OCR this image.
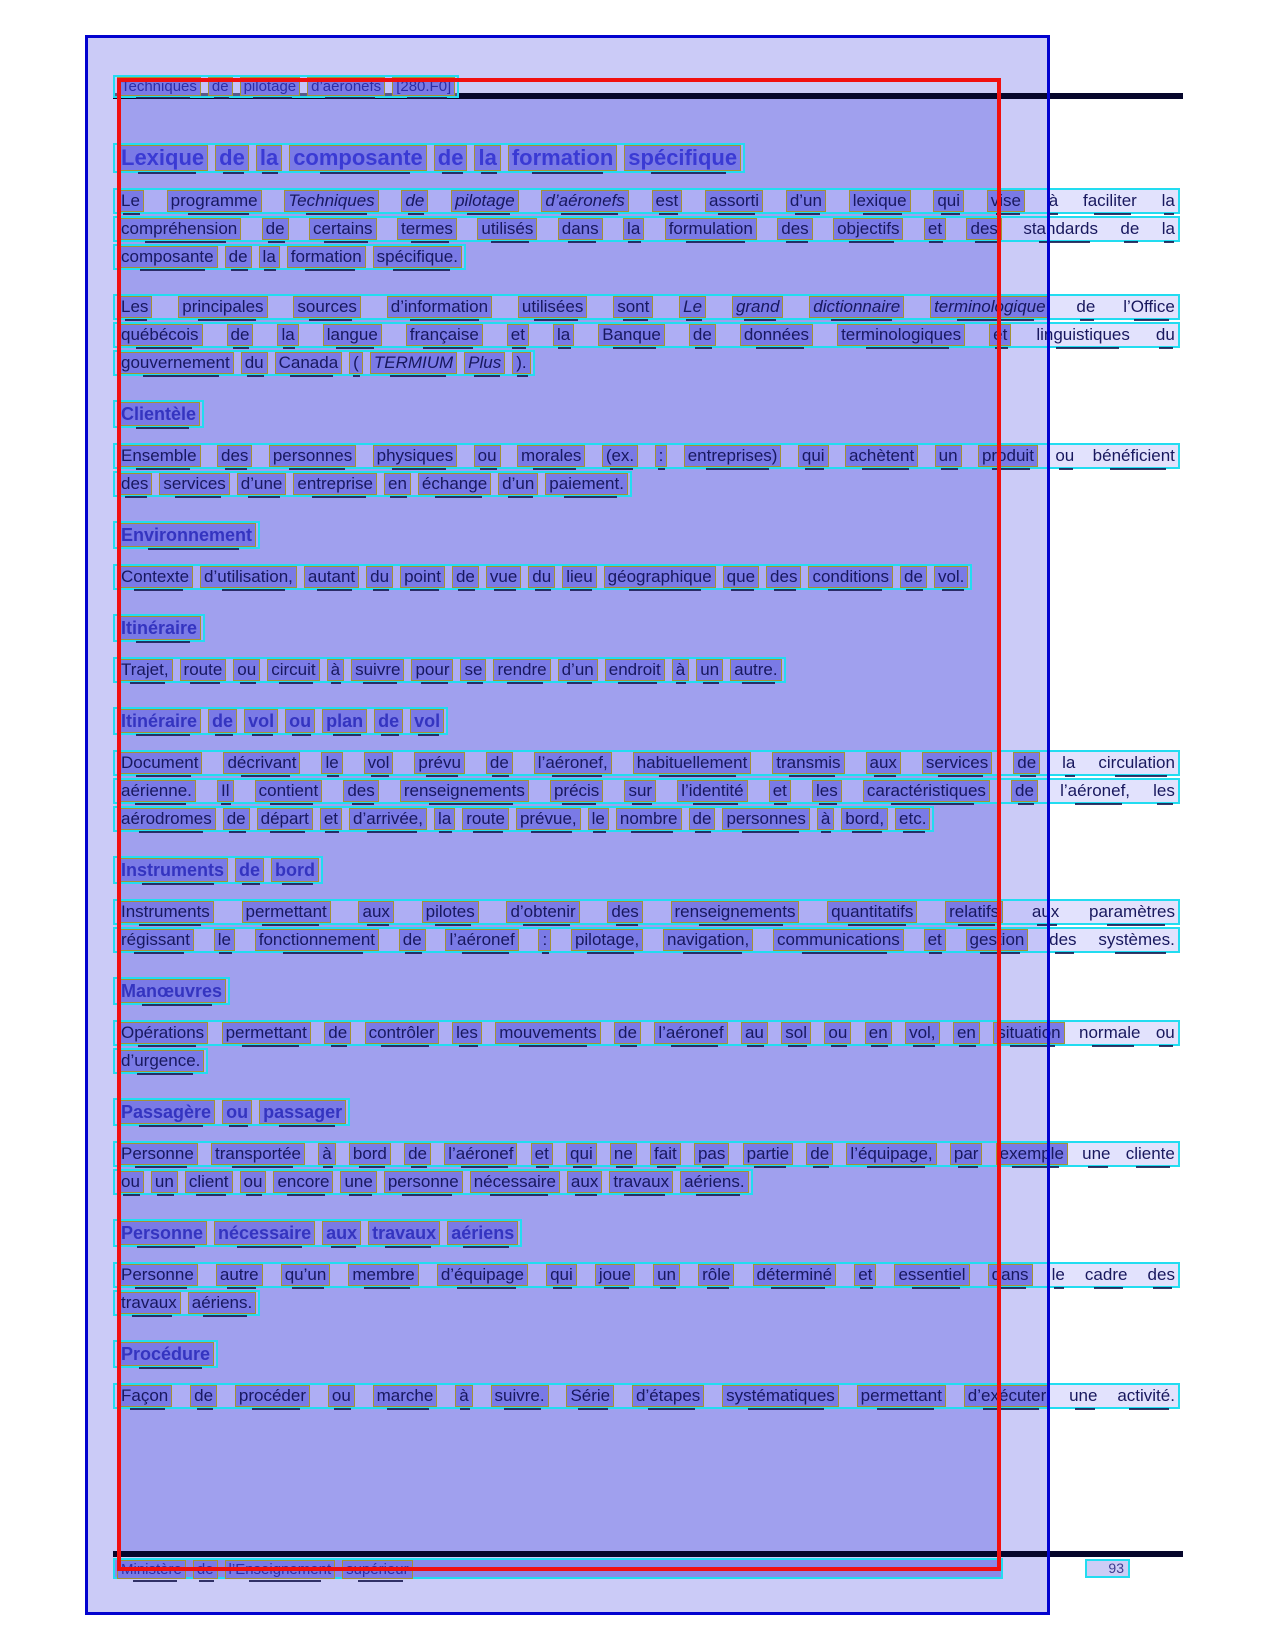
Techniques de pilotage d’aéronefs [280.F0]
Lexique de la composante de la formation spécifique
Le programme Techniques de pilotage d’aéronefs est assorti d’un lexique qui vise à faciliter la
compréhension de certains termes utilisés dans la formulation des objectifs et des standards de la
composante de la formation spécifique.
Les principales sources d’information utilisées sont Le grand dictionnaire terminologique de l’Office
québécois de la langue française et la Banque de données terminologiques et linguistiques du
gouvernement du Canada ( TERMIUM Plus ).
Clientèle
Ensemble des personnes physiques ou morales (ex. : entreprises) qui achètent un produit ou bénéficient
des services d’une entreprise en échange d’un paiement.
Environnement
Contexte d’utilisation, autant du point de vue du lieu géographique que des conditions de vol.
Itinéraire
Trajet, route ou circuit à suivre pour se rendre d’un endroit à un autre.
Itinéraire de vol ou plan de vol
Document décrivant le vol prévu de l’aéronef, habituellement transmis aux services de la circulation
aérienne. Il contient des renseignements précis sur l’identité et les caractéristiques de l’aéronef, les
aérodromes de départ et d’arrivée, la route prévue, le nombre de personnes à bord, etc.
Instruments de bord
Instruments permettant aux pilotes d’obtenir des renseignements quantitatifs relatifs aux paramètres
régissant le fonctionnement de l’aéronef : pilotage, navigation, communications et gestion des systèmes.
Manœuvres
Opérations permettant de contrôler les mouvements de l’aéronef au sol ou en vol, en situation normale ou
d’urgence.
Passagère ou passager
Personne transportée à bord de l’aéronef et qui ne fait pas partie de l’équipage, par exemple une cliente
ou un client ou encore une personne nécessaire aux travaux aériens.
Personne nécessaire aux travaux aériens
Personne autre qu’un membre d’équipage qui joue un rôle déterminé et essentiel dans le cadre des
travaux aériens.
Procédure
Façon de procéder ou marche à suivre. Série d’étapes systématiques permettant d’exécuter une activité.
Ministère de l’Enseignement supérieur	93
